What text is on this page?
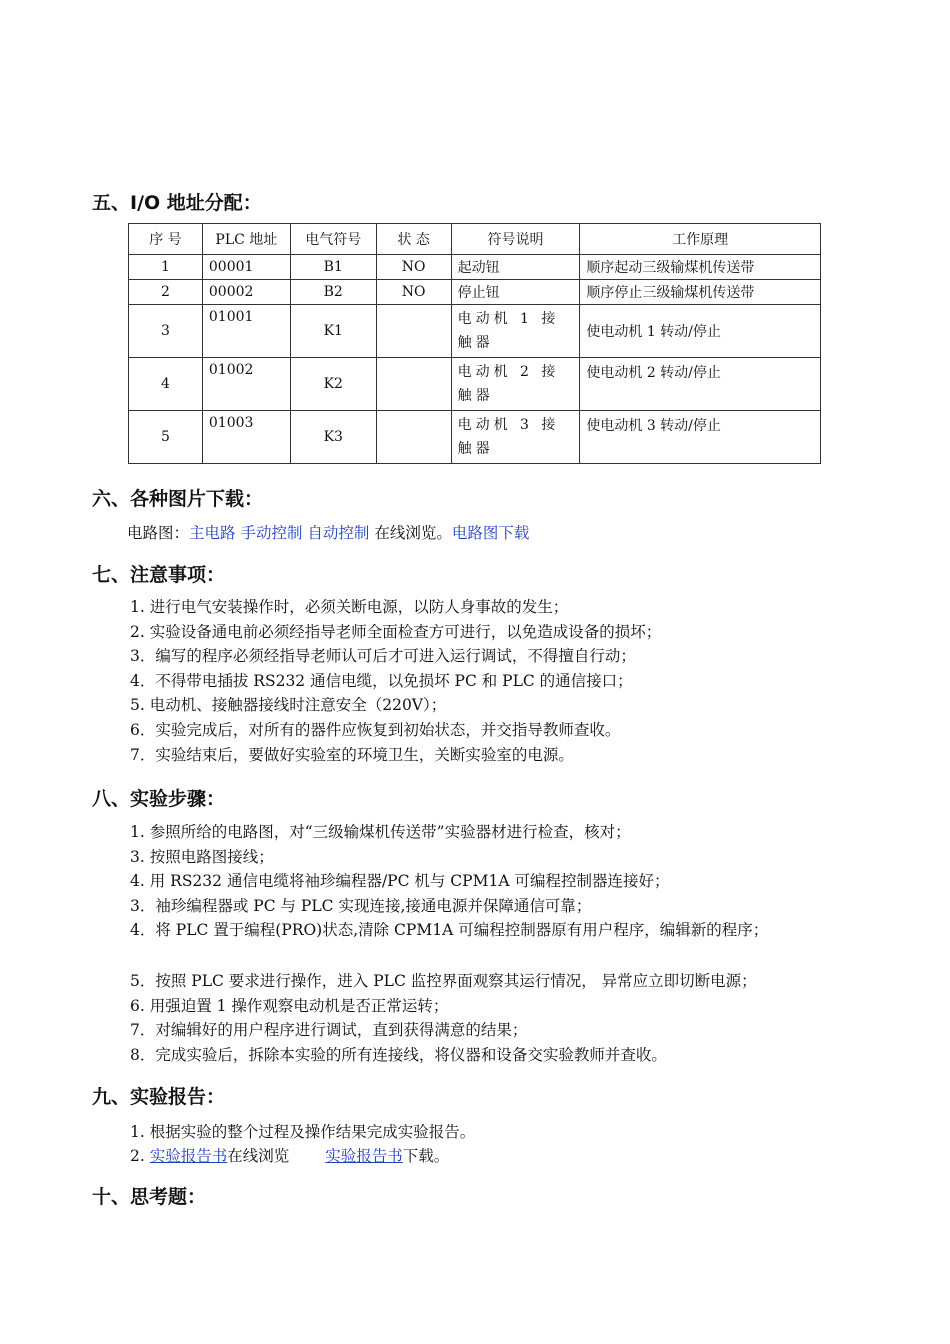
五、I/O 地址分配：
序 号	PLC 地址	电气符号	状 态	符号说明	工作原理
1	00001	B1	NO	起动钮	顺序起动三级输煤机传送带
2	00002	B2	NO	停止钮	顺序停止三级输煤机传送带
3	01001	K1		电动机 1 接触器	使电动机 1 转动/停止
4	01002	K2		电动机 2 接触器	使电动机 2 转动/停止
5	01003	K3		电动机 3 接触器	使电动机 3 转动/停止
六、各种图片下载：
电路图：主电路 手动控制 自动控制 在线浏览。电路图下载
七、注意事项：
1. 进行电气安装操作时，必须关断电源，以防人身事故的发生；
2. 实验设备通电前必须经指导老师全面检查方可进行，以免造成设备的损坏；
3．编写的程序必须经指导老师认可后才可进入运行调试，不得擅自行动；
4．不得带电插拔 RS232 通信电缆，以免损坏 PC 和 PLC 的通信接口；
5. 电动机、接触器接线时注意安全（220V）；
6．实验完成后，对所有的器件应恢复到初始状态，并交指导教师查收。
7．实验结束后，要做好实验室的环境卫生，关断实验室的电源。
八、实验步骤：
1. 参照所给的电路图，对“三级输煤机传送带”实验器材进行检查，核对；
3. 按照电路图接线；
4. 用 RS232 通信电缆将袖珍编程器/PC 机与 CPM1A 可编程控制器连接好；
3．袖珍编程器或 PC 与 PLC 实现连接,接通电源并保障通信可靠；
4．将 PLC 置于编程(PRO)状态,清除 CPM1A 可编程控制器原有用户程序，编辑新的程序；
5．按照 PLC 要求进行操作，进入 PLC 监控界面观察其运行情况， 异常应立即切断电源；
6. 用强迫置 1 操作观察电动机是否正常运转；
7．对编辑好的用户程序进行调试，直到获得满意的结果；
8．完成实验后，拆除本实验的所有连接线，将仪器和设备交实验教师并查收。
九、实验报告：
1. 根据实验的整个过程及操作结果完成实验报告。
2. 实验报告书在线浏览 实验报告书下载。
十、思考题：
